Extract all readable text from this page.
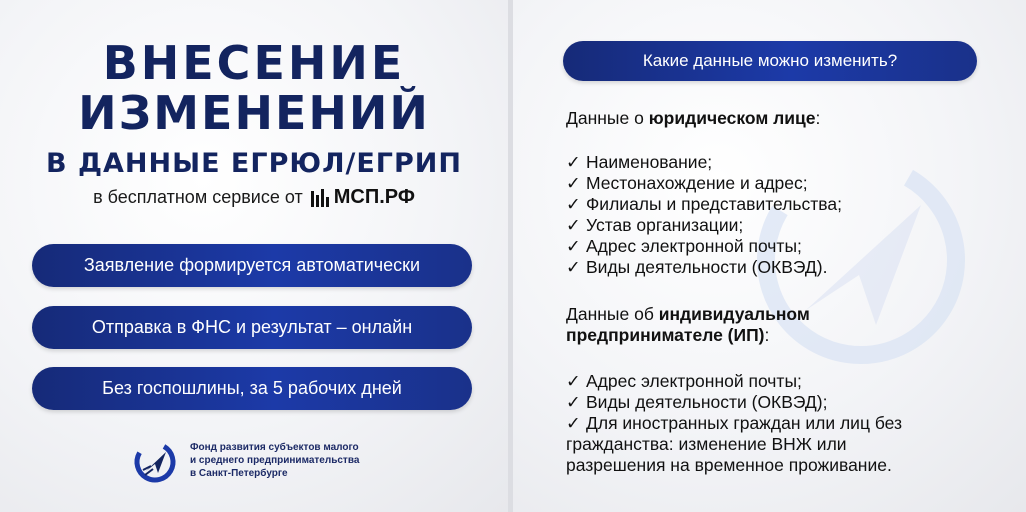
ВНЕСЕНИЕ
ИЗМЕНЕНИЙ
В ДАННЫЕ ЕГРЮЛ/ЕГРИП
в бесплатном сервисе от МСП.РФ
Заявление формируется автоматически
Отправка в ФНС и результат – онлайн
Без госпошлины, за 5 рабочих дней
Фонд развития субъектов малого
и среднего предпринимательства
в Санкт-Петербурге
Какие данные можно изменить?
Данные о юридическом лице:
✓ Наименование;
✓ Местонахождение и адрес;
✓ Филиалы и представительства;
✓ Устав организации;
✓ Адрес электронной почты;
✓ Виды деятельности (ОКВЭД).
Данные об индивидуальном
предпринимателе (ИП):
✓ Адрес электронной почты;
✓ Виды деятельности (ОКВЭД);
✓ Для иностранных граждан или лиц без
гражданства: изменение ВНЖ или
разрешения на временное проживание.
